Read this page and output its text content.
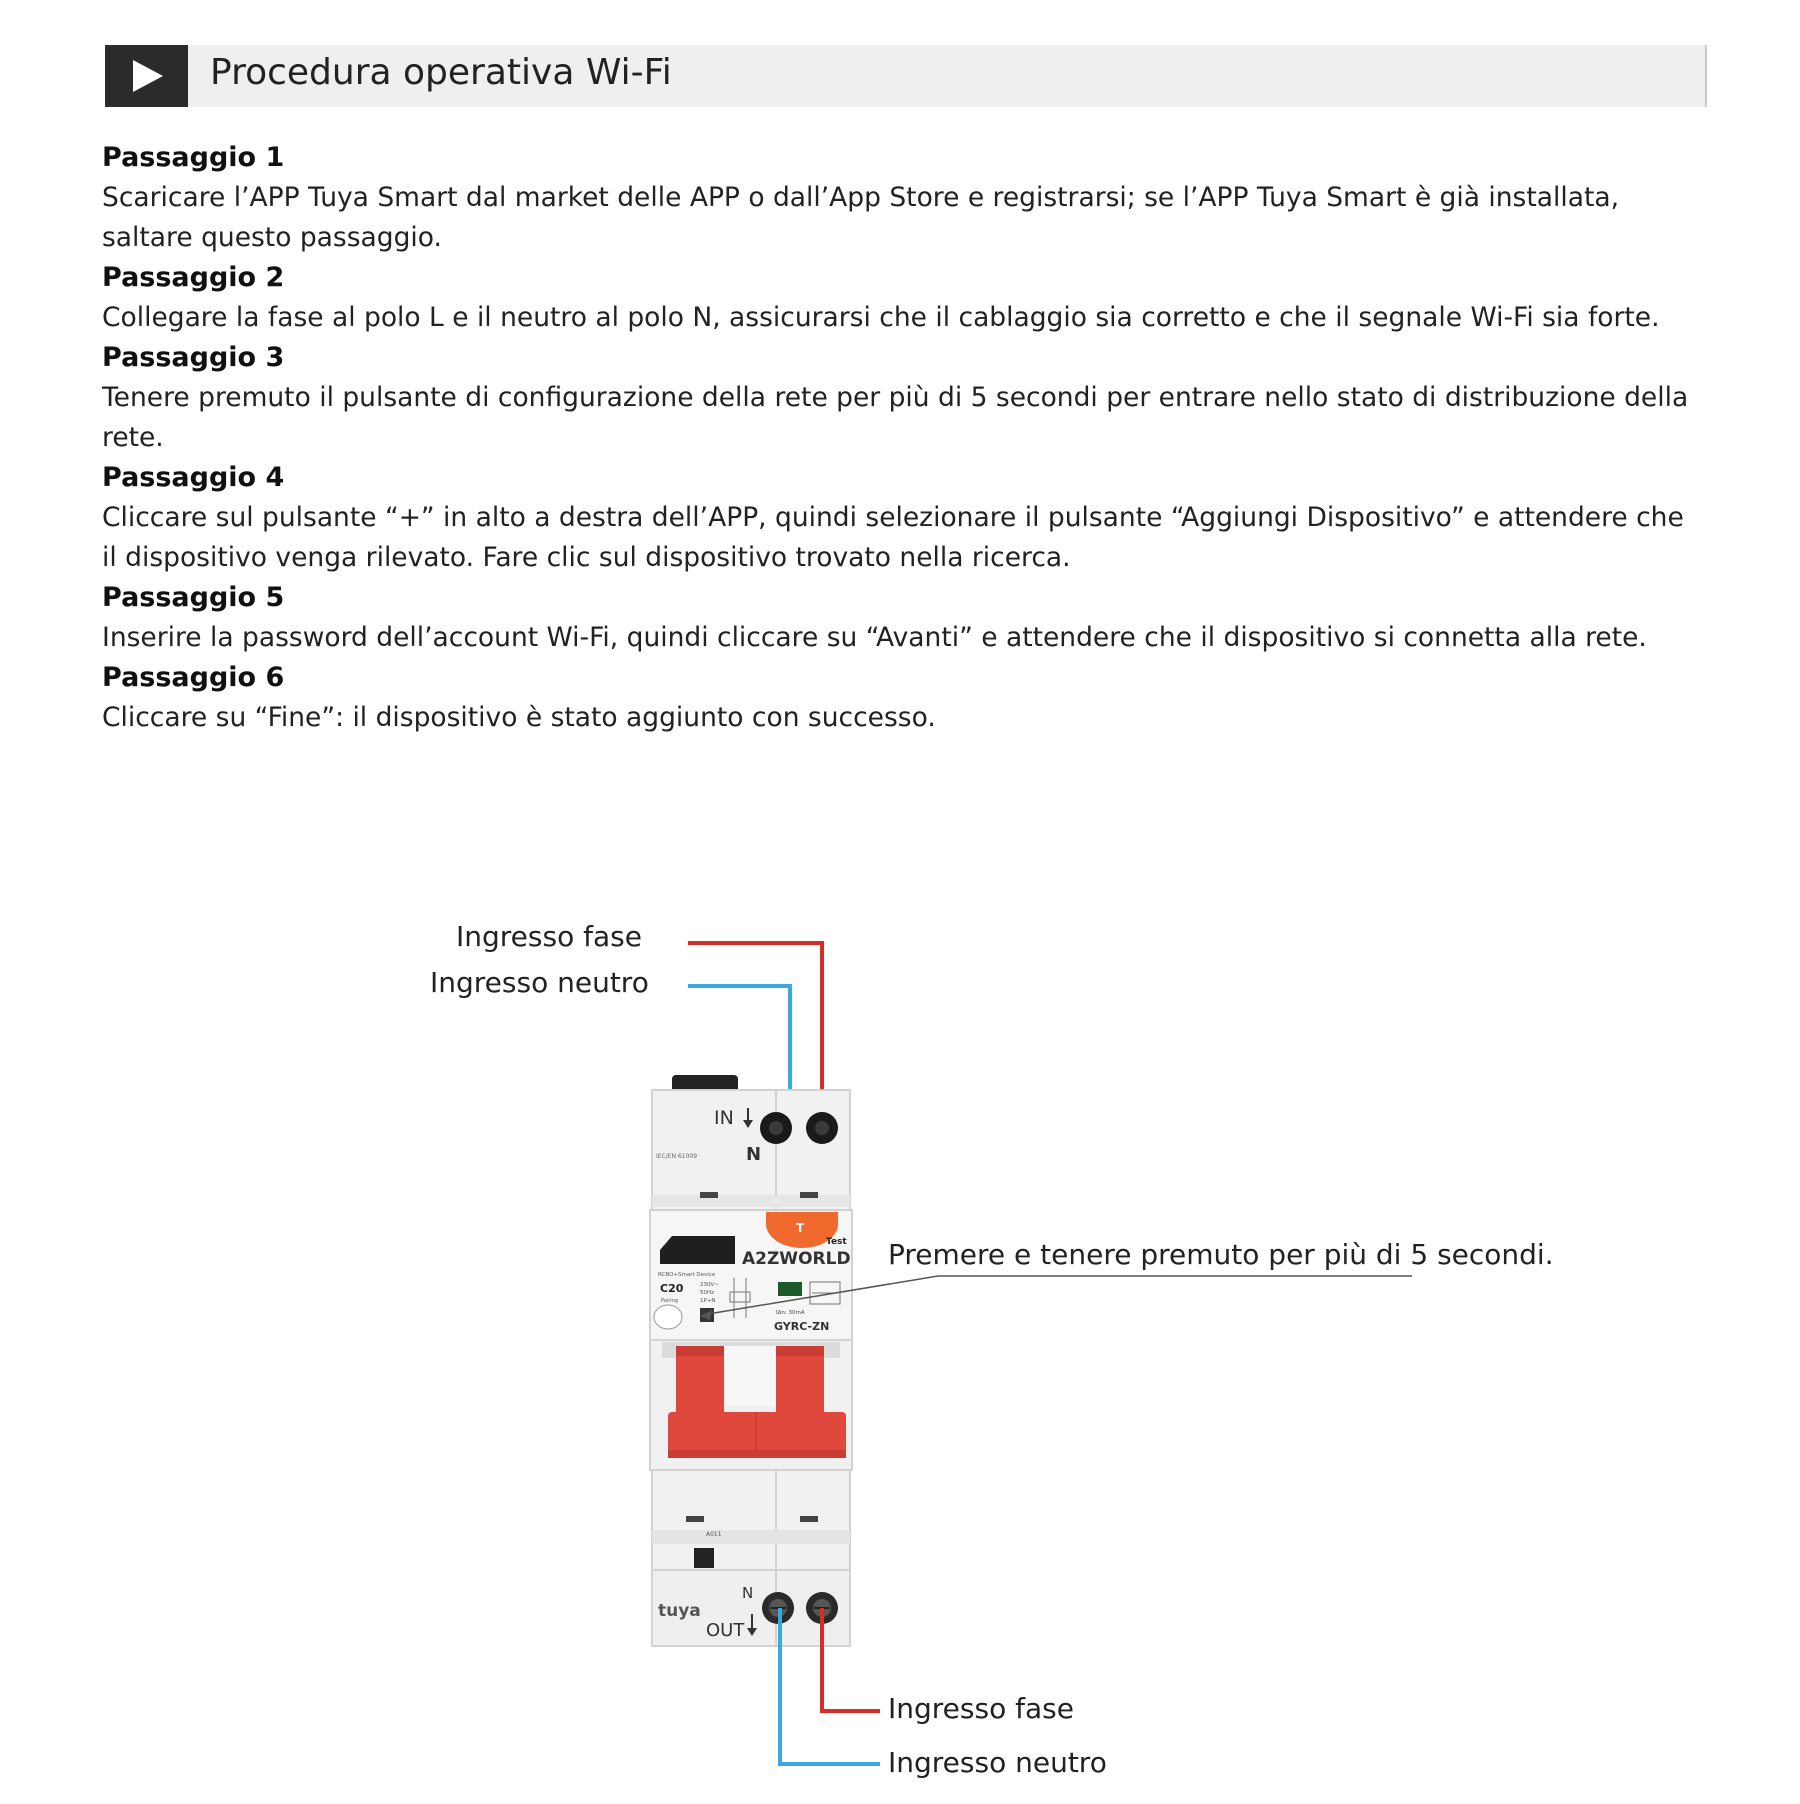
Procedura operativa Wi-Fi

Passaggio 1

Scaricare l’APP Tuya Smart dal market delle APP o dall’App Store e registrarsi; se l’APP Tuya Smart è già installata, saltare questo passaggio.

Passaggio 2

Collegare la fase al polo L e il neutro al polo N, assicurarsi che il cablaggio sia corretto e che il segnale Wi-Fi sia forte.

Passaggio 3

Tenere premuto il pulsante di configurazione della rete per più di 5 secondi per entrare nello stato di distribuzione della rete.

Passaggio 4

Cliccare sul pulsante “+” in alto a destra dell’APP, quindi selezionare il pulsante “Aggiungi Dispositivo” e attendere che il dispositivo venga rilevato. Fare clic sul dispositivo trovato nella ricerca.

Passaggio 5

Inserire la password dell’account Wi-Fi, quindi cliccare su “Avanti” e attendere che il dispositivo si connetta alla rete.

Passaggio 6

Cliccare su “Fine”: il dispositivo è stato aggiunto con successo.

IN
N
IEC/EN 61009
T
Test
A2ZWORLD
RCBO+Smart Device
C20
Pairing
230V~
50Hz
1P+N
IΔn: 30mA
GYRC-ZN
A011
tuya
N
OUT
Ingresso fase
Ingresso neutro
Premere e tenere premuto per più di 5 secondi.
Ingresso fase
Ingresso neutro
